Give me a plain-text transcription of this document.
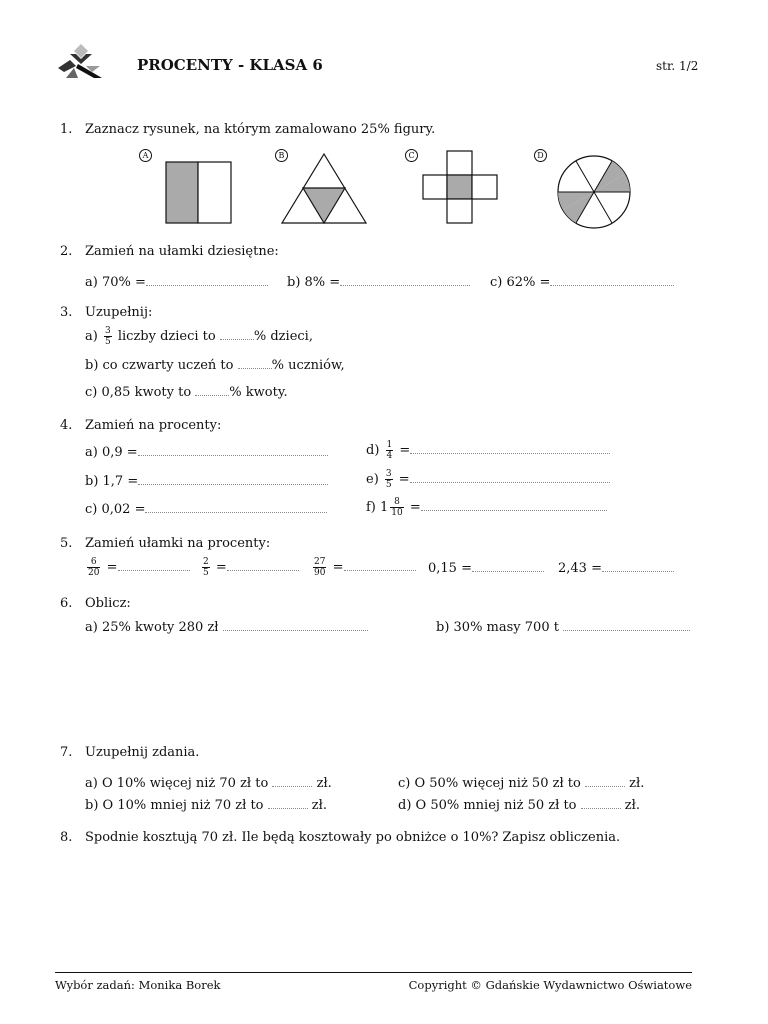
PROCENTY - KLASA 6	str. 1/2
1. Zaznacz rysunek, na którym zamalowano 25% figury.
A	B	C	D
2. Zamień na ułamki dziesiętne:
a) 70% =	b) 8% =	c) 62% =
3. Uzupełnij:
$a) \frac{3}{5}$ liczby dzieci to	% dzieci,
b) co czwarty uczeń to	% uczniów,
c) 0,85 kwoty to	% kwoty.
4. Zamień na procenty:
a) 0,9 =
b) 1,7 =
c) 0,02 =
$d) \frac{1}{4}$ =
$e) \frac{3}{5}$ =
f) $1 \frac{8}{10}$ =
5. Zamień ułamki na procenty:
$\frac{6}{20}$ =	$\frac{2}{5}$ =	$\frac{27}{90}$ =	0,15 =	2,43 =
6. Oblicz:
a) 25% kwoty 280 zł	b) 30% masy 700 t
7. Uzupełnij zdania.
a) O 10% więcej niż 70 zł to	zł.
b) O 10% mniej niż 70 zł to	zł.
c) O 50% więcej niż 50 zł to	zł.
d) O 50% mniej niż 50 zł to	zł.
8. Spodnie kosztują 70 zł. Ile będą kosztowały po obniżce o 10%? Zapisz obliczenia.
Wybór zadań: Monika Borek	Copyright © Gdańskie Wydawnictwo Oświatowe
